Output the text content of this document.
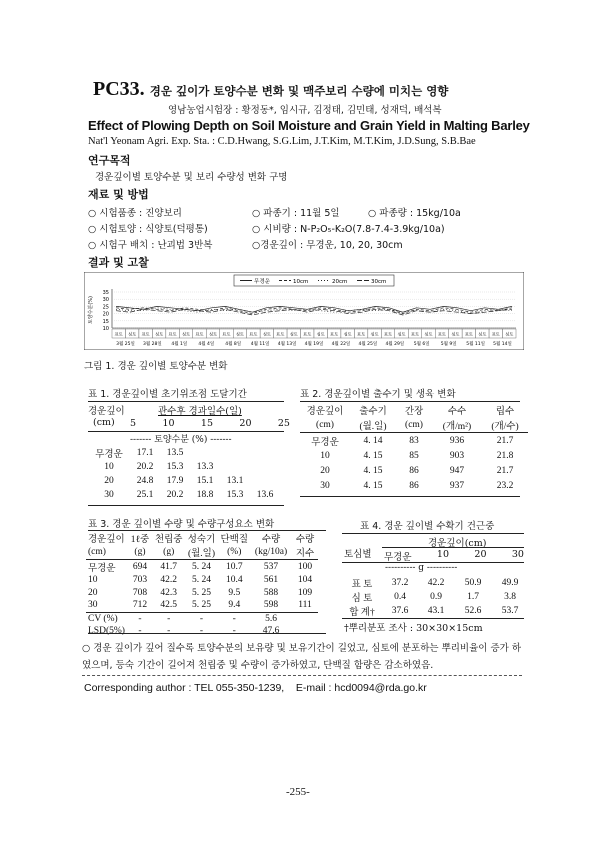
PC33. 경운 깊이가 토양수분 변화 및 맥주보리 수량에 미치는 영향
영남농업시험장 : 황정동*, 임시규, 김정태, 김민태, 성재덕, 배석복
Effect of Plowing Depth on Soil Moisture and Grain Yield in Malting Barley
Nat'l Yeonam Agri. Exp. Sta. : C.D.Hwang, S.G.Lim, J.T.Kim, M.T.Kim, J.D.Sung, S.B.Bae
연구목적
경운깊이별 토양수분 및 보리 수량성 변화 구명
재료 및 방법
○ 시험품종 : 진양보리	○ 파종기 : 11월 5일	○ 파종량 : 15kg/10a
○ 시험토양 : 식양토(덕평통)	○ 시비량 : N-P₂O₅-K₂O(7.8-7.4-3.9kg/10a)
○ 시험구 배치 : 난괴법 3반복	○경운깊이 : 무경운, 10, 20, 30cm
결과 및 고찰
무경운	10cm	20cm	30cm
35
30
25
20
15
10
토양수분(%)
표토 심토 표토 심토 표토 심토 표토 심토 표토 심토 표토 심토 표토 심토 표토 심토 표토 심토 표토 심토 표토 심토 표토 심토 표토 심토 표토 심토 표토 심토
3월 25일 3월 28일 4월 1일 4월 4일 4월 8일 4월 11일 4월 13일 4월 19일 4월 22일 4월 25일 4월 29일 5월 6일 5월 9일 5월 11일 5월 14일
그림 1. 경운 깊이별 토양수분 변화
표 1. 경운깊이별 초기위조점 도달기간
경운깊이
(cm)
관수후 경과일수(일)
5	10	15	20	25
------- 토양수분 (%) -------
무경운	17.1	13.5			
10	20.2	15.3	13.3		
20	24.8	17.9	15.1	13.1	
30	25.1	20.2	18.8	15.3	13.6
표 2. 경운깊이별 출수기 및 생육 변화
경운깊이	출수기	간장	수수	립수
(cm)	(월.일)	(cm)	(개/m²)	(개/수)
무경운	4. 14	83	936	21.7
10	4. 15	85	903	21.8
20	4. 15	86	947	21.7
30	4. 15	86	937	23.2
표 3. 경운 깊이별 수량 및 수량구성요소 변화
경운깊이	1ℓ중	천립중	성숙기	단백질	수량	수량
(cm)	(g)	(g)	(월.일)	(%)	(kg/10a)	지수
무경운	694	41.7	5. 24	10.7	537	100
10	703	42.2	5. 24	10.4	561	104
20	708	42.3	5. 25	9.5	588	109
30	712	42.5	5. 25	9.4	598	111
CV (%)	-	-	-	-	5.6	
LSD(5%)	-	-	-	-	47.6	
표 4. 경운 깊이별 수확기 건근중
토심별
경운깊이(cm)
무경운	10	20	30
---------- g ----------
표 토	37.2	42.2	50.9	49.9
심 토	0.4	0.9	1.7	3.8
합 계†	37.6	43.1	52.6	53.7
†뿌리분포 조사 : 30×30×15cm
○ 경운 깊이가 깊어 질수록 토양수분의 보유량 및 보유기간이 길었고, 심토에 분포하는 뿌리비율이 증가 하였으며, 등숙 기간이 길어져 천립중 및 수량이 증가하였고, 단백질 함량은 감소하였음.
Corresponding author : TEL 055-350-1239,    E-mail : hcd0094@rda.go.kr
-255-
